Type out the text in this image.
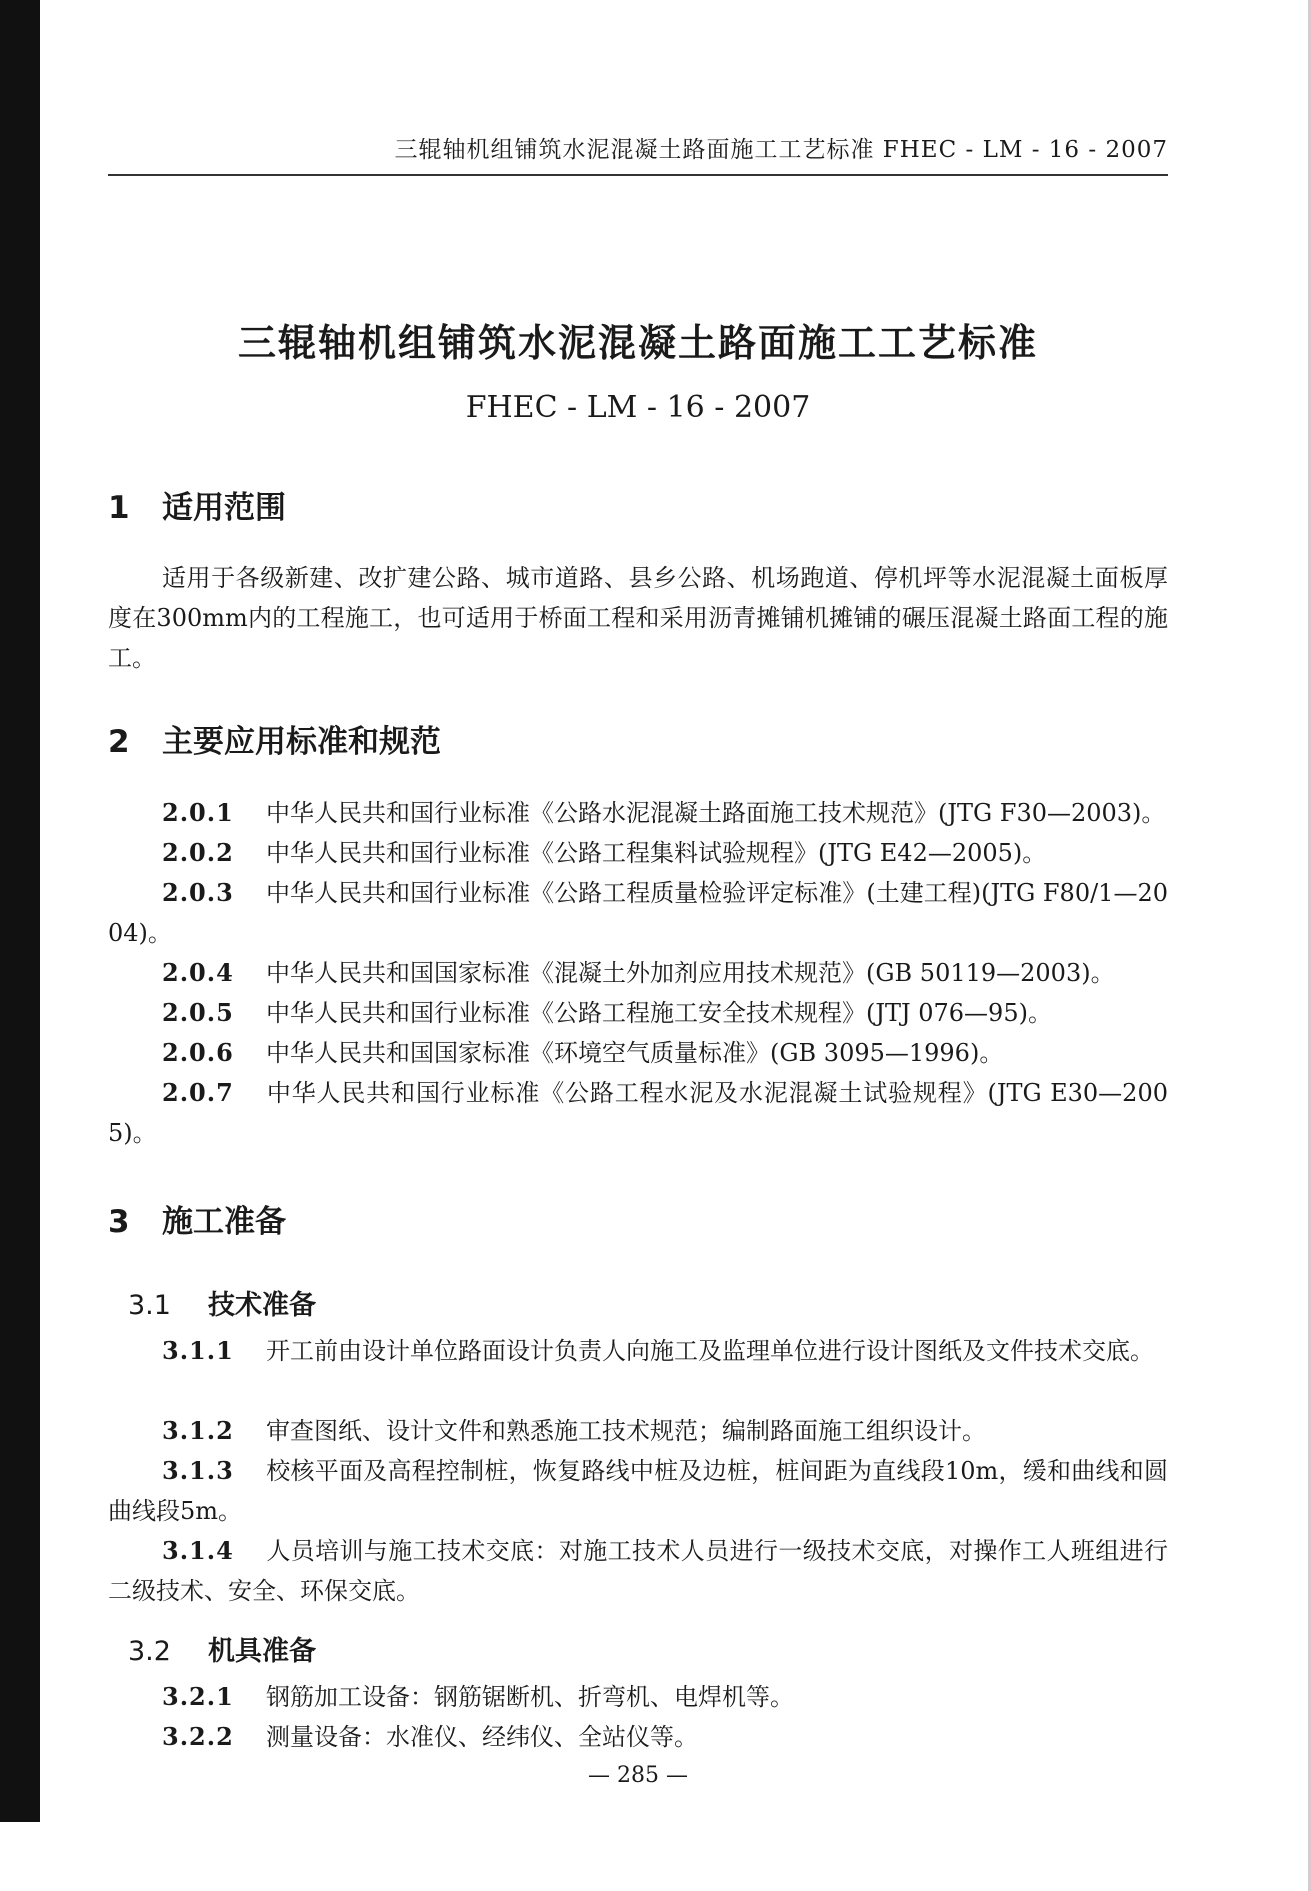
三辊轴机组铺筑水泥混凝土路面施工工艺标准 FHEC - LM - 16 - 2007
三辊轴机组铺筑水泥混凝土路面施工工艺标准
FHEC - LM - 16 - 2007
1 适用范围
适用于各级新建、改扩建公路、城市道路、县乡公路、机场跑道、停机坪等水泥混凝土面板厚度在300mm内的工程施工，也可适用于桥面工程和采用沥青摊铺机摊铺的碾压混凝土路面工程的施工。
2 主要应用标准和规范
2.0.1 中华人民共和国行业标准《公路水泥混凝土路面施工技术规范》(JTG F30—2003)。
2.0.2 中华人民共和国行业标准《公路工程集料试验规程》(JTG E42—2005)。
2.0.3 中华人民共和国行业标准《公路工程质量检验评定标准》(土建工程)(JTG F80/1—2004)。
2.0.4 中华人民共和国国家标准《混凝土外加剂应用技术规范》(GB 50119—2003)。
2.0.5 中华人民共和国行业标准《公路工程施工安全技术规程》(JTJ 076—95)。
2.0.6 中华人民共和国国家标准《环境空气质量标准》(GB 3095—1996)。
2.0.7 中华人民共和国行业标准《公路工程水泥及水泥混凝土试验规程》(JTG E30—2005)。
3 施工准备
3.1 技术准备
3.1.1 开工前由设计单位路面设计负责人向施工及监理单位进行设计图纸及文件技术交底。
3.1.2 审查图纸、设计文件和熟悉施工技术规范；编制路面施工组织设计。
3.1.3 校核平面及高程控制桩，恢复路线中桩及边桩，桩间距为直线段10m，缓和曲线和圆曲线段5m。
3.1.4 人员培训与施工技术交底：对施工技术人员进行一级技术交底，对操作工人班组进行二级技术、安全、环保交底。
3.2 机具准备
3.2.1 钢筋加工设备：钢筋锯断机、折弯机、电焊机等。
3.2.2 测量设备：水准仪、经纬仪、全站仪等。
— 285 —
